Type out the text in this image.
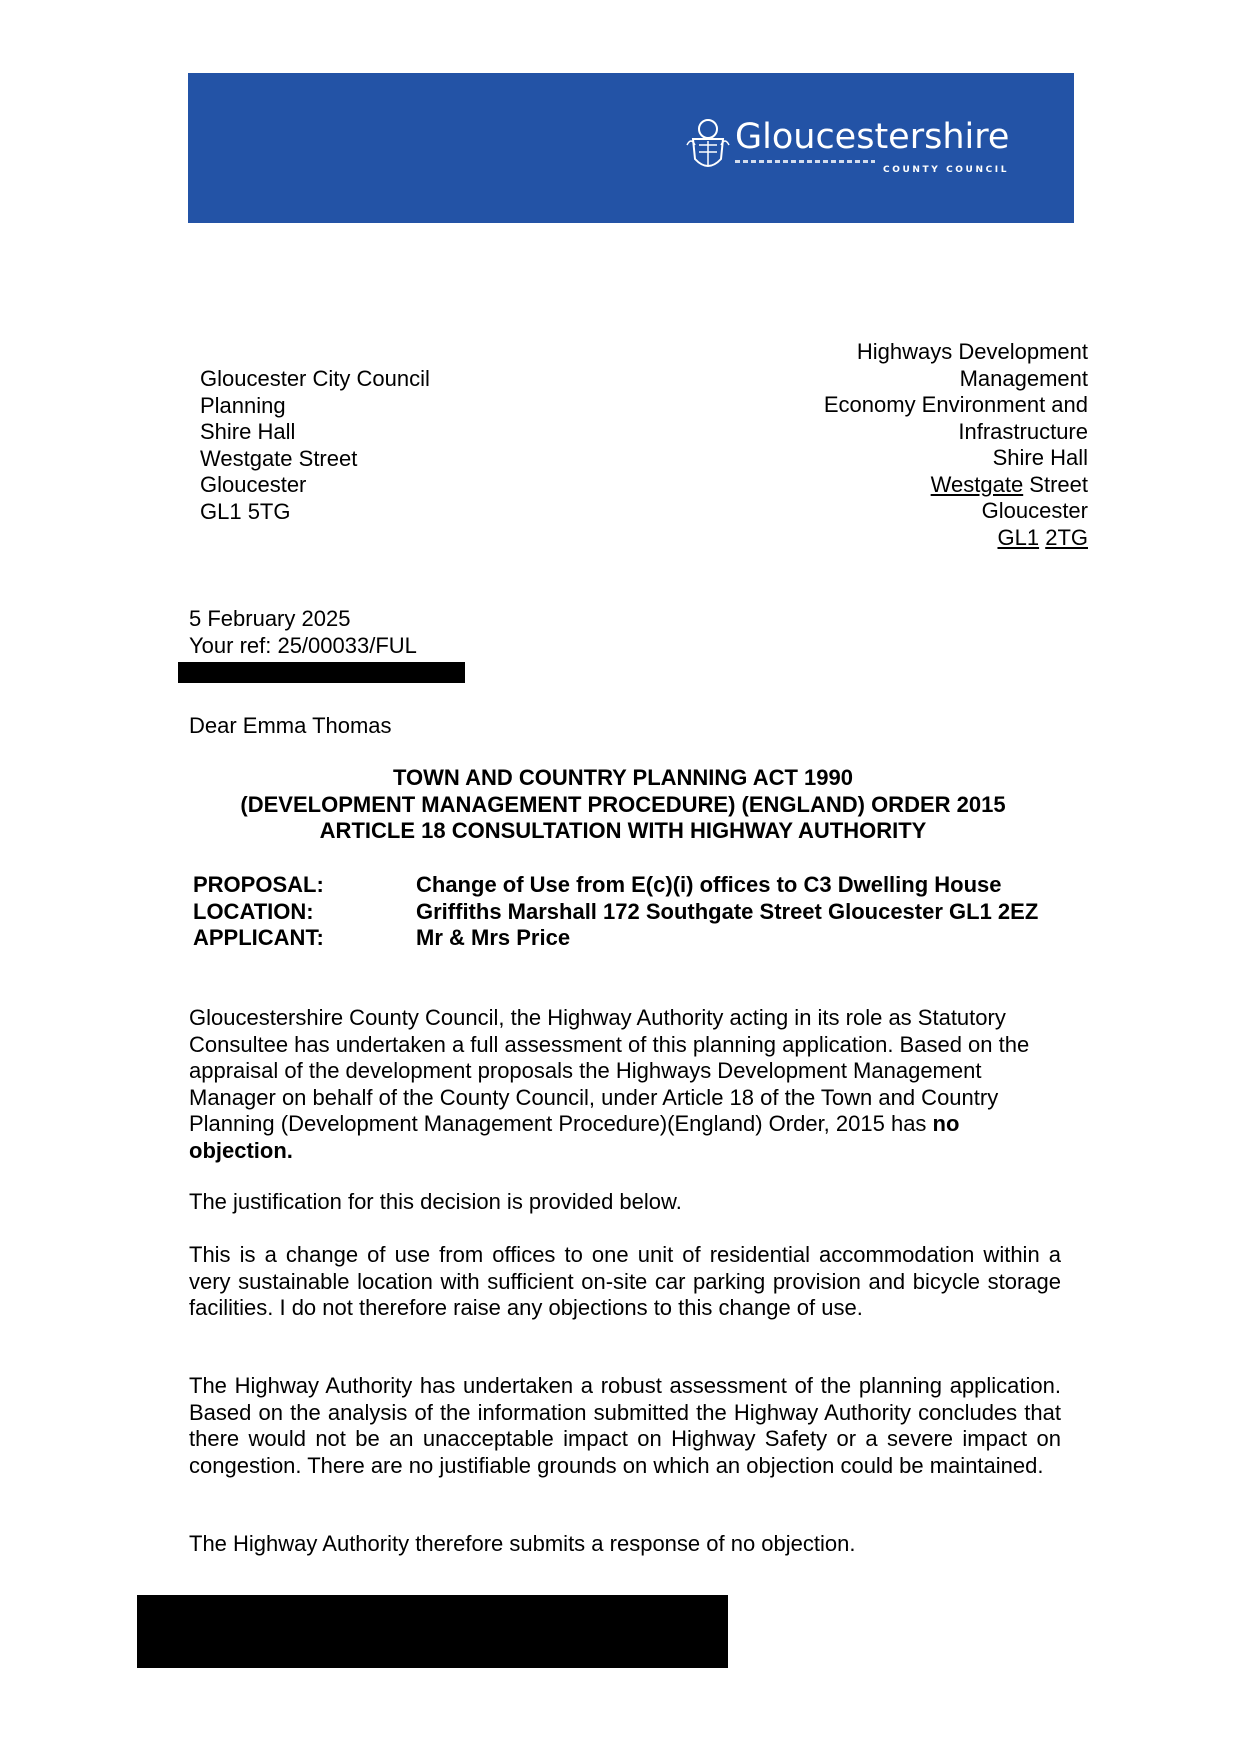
Gloucestershire
COUNTY COUNCIL
Gloucester City Council
Planning
Shire Hall
Westgate Street
Gloucester
GL1 5TG
Highways Development
Management
Economy Environment and
Infrastructure
Shire Hall
Westgate Street
Gloucester
GL1 2TG
5 February 2025
Your ref: 25/00033/FUL
Dear Emma Thomas
TOWN AND COUNTRY PLANNING ACT 1990
(DEVELOPMENT MANAGEMENT PROCEDURE) (ENGLAND) ORDER 2015
ARTICLE 18 CONSULTATION WITH HIGHWAY AUTHORITY
PROPOSAL:	Change of Use from E(c)(i) offices to C3 Dwelling House
LOCATION:	Griffiths Marshall 172 Southgate Street Gloucester GL1 2EZ
APPLICANT:	Mr & Mrs Price

Gloucestershire County Council, the Highway Authority acting in its role as Statutory Consultee has undertaken a full assessment of this planning application. Based on the appraisal of the development proposals the Highways Development Management Manager on behalf of the County Council, under Article 18 of the Town and Country Planning (Development Management Procedure)(England) Order, 2015 has no objection.

The justification for this decision is provided below.

This is a change of use from offices to one unit of residential accommodation within a very sustainable location with sufficient on-site car parking provision and bicycle storage facilities. I do not therefore raise any objections to this change of use.

The Highway Authority has undertaken a robust assessment of the planning application. Based on the analysis of the information submitted the Highway Authority concludes that there would not be an unacceptable impact on Highway Safety or a severe impact on congestion. There are no justifiable grounds on which an objection could be maintained.

The Highway Authority therefore submits a response of no objection.
